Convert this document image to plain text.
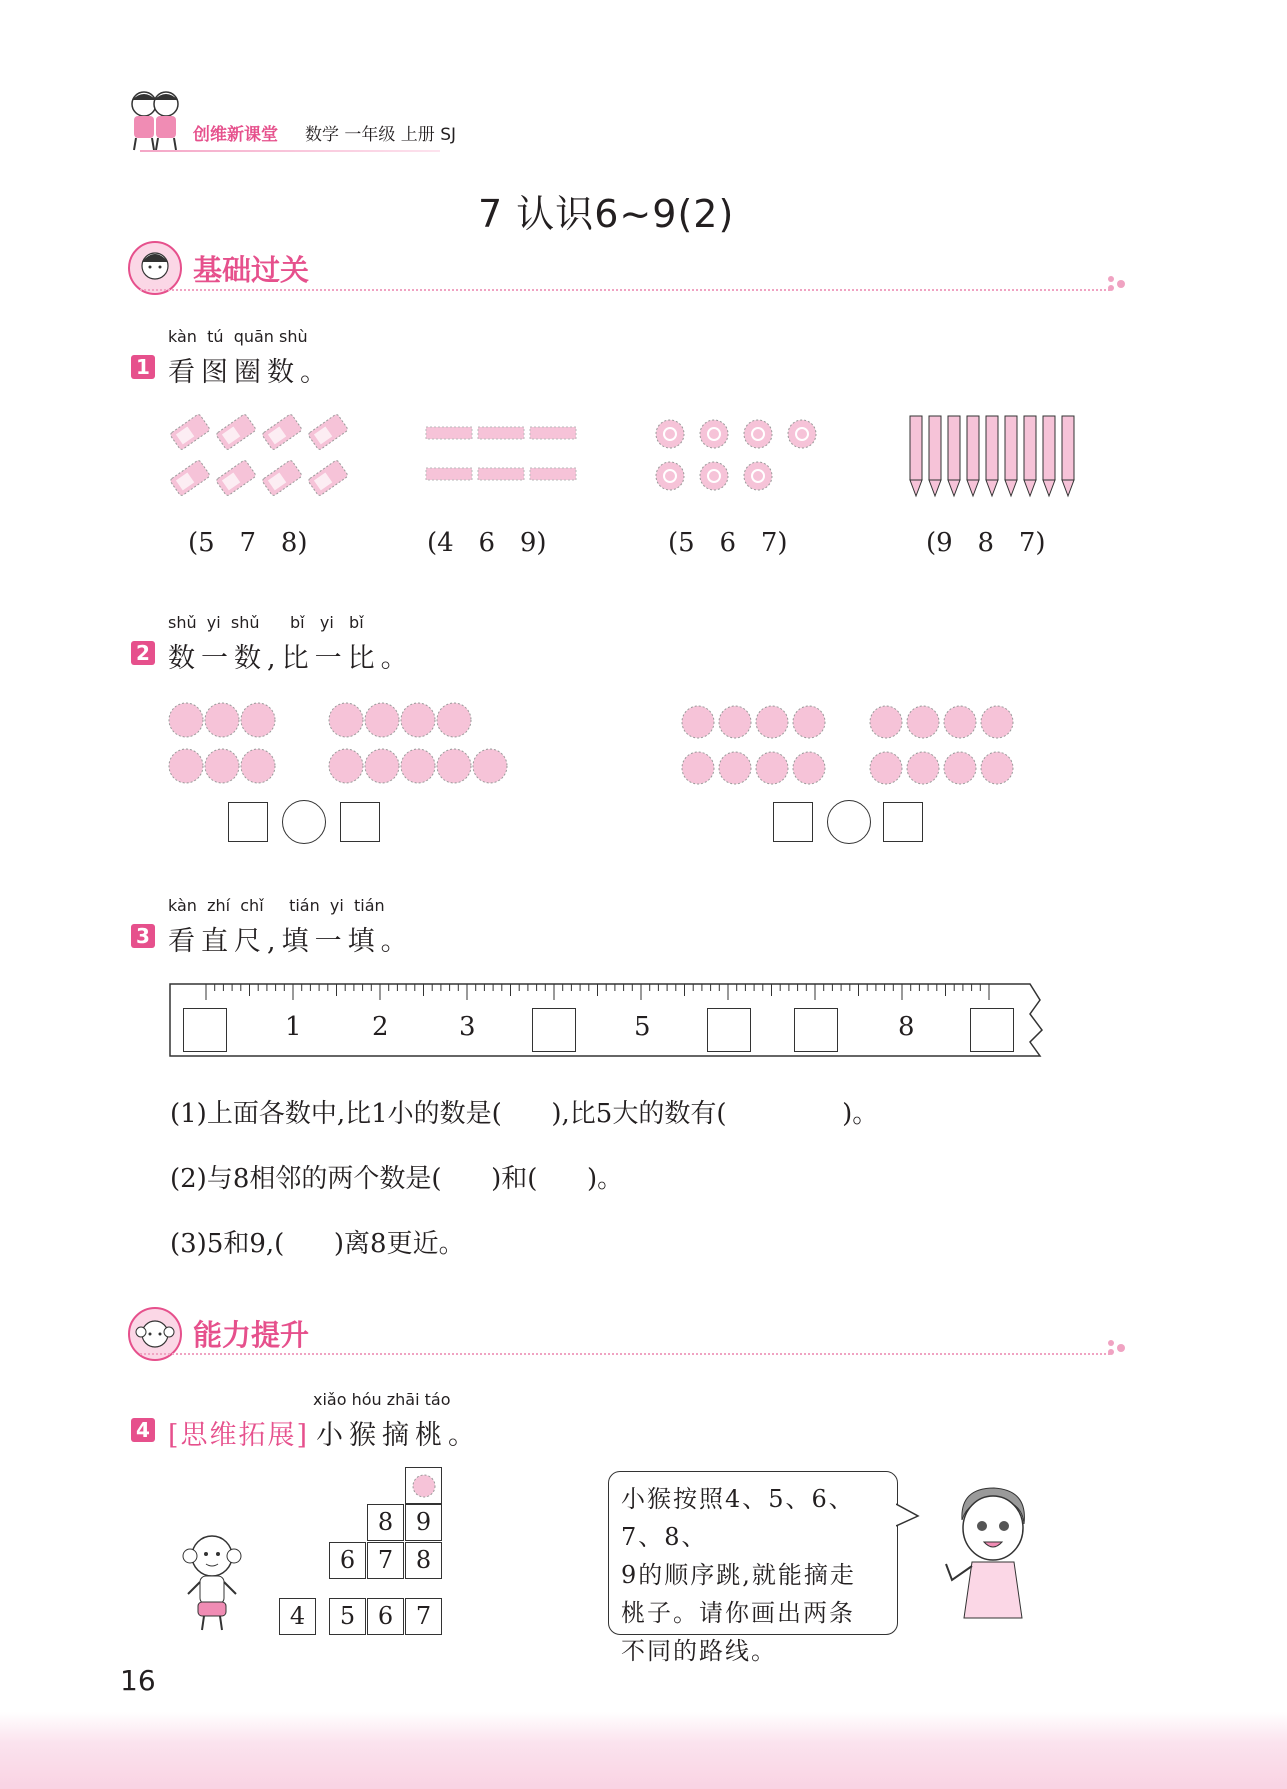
创维新课堂 数学 一年级 上册 SJ
7 认识6~9(2)
基础过关
kàn  tú  quān shù
1 看图圈数。
(5   7   8)	(4   6   9)	(5   6   7)	(9   8   7)
shǔ  yi  shǔ      bǐ   yi   bǐ
2 数一数,比一比。
kàn  zhí  chǐ     tián  yi  tián
3 看直尺,填一填。
1	2	3	5	8
(1)上面各数中,比1小的数是(      ),比5大的数有(              )。
(2)与8相邻的两个数是(      )和(      )。
(3)5和9,(      )离8更近。
能力提升
xiǎo hóu zhāi táo
4 [思维拓展] 小猴摘桃。
8 9
6 7 8
4	5 6 7
小猴按照4、5、6、7、8、
9的顺序跳,就能摘走
桃子。请你画出两条
不同的路线。
16
